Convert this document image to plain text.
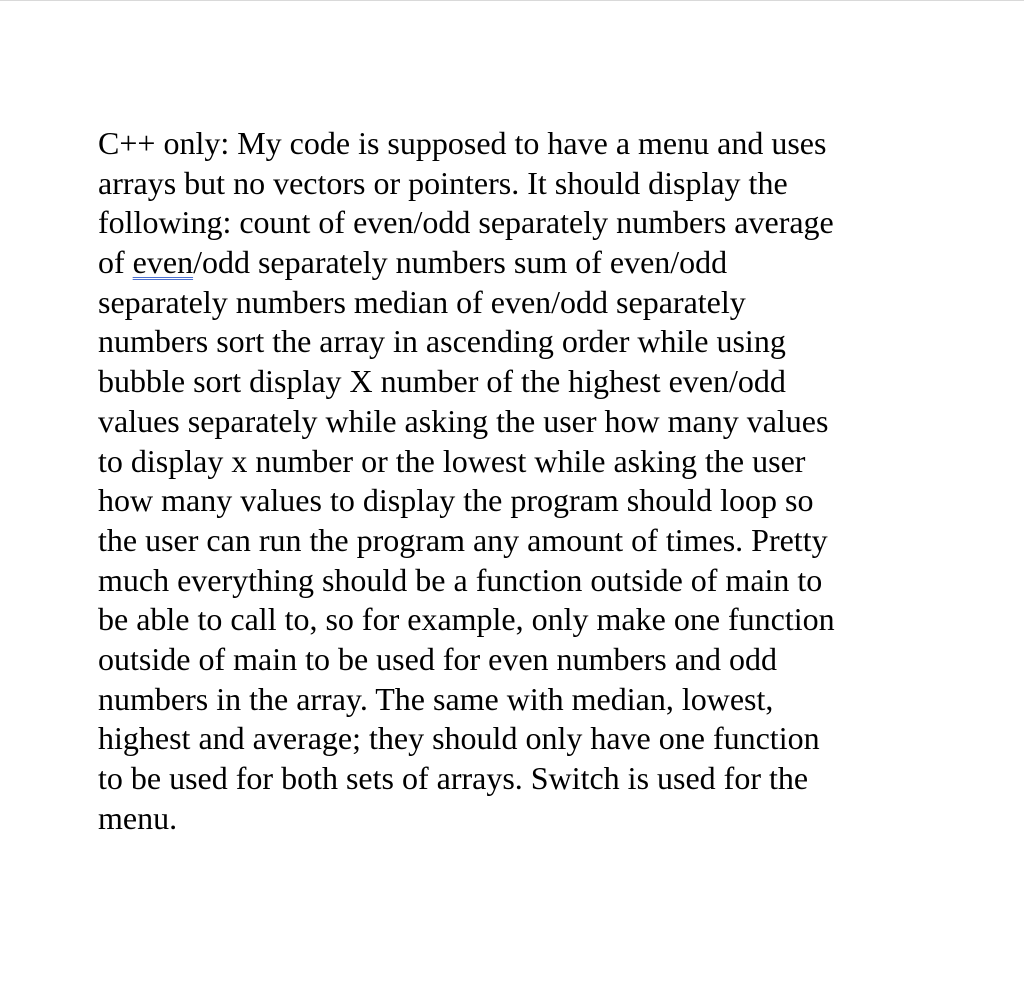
C++ only: My code is supposed to have a menu and uses
arrays but no vectors or pointers. It should display the
following: count of even/odd separately numbers average
of even/odd separately numbers sum of even/odd
separately numbers median of even/odd separately
numbers sort the array in ascending order while using
bubble sort display X number of the highest even/odd
values separately while asking the user how many values
to display x number or the lowest while asking the user
how many values to display the program should loop so
the user can run the program any amount of times. Pretty
much everything should be a function outside of main to
be able to call to, so for example, only make one function
outside of main to be used for even numbers and odd
numbers in the array. The same with median, lowest,
highest and average; they should only have one function
to be used for both sets of arrays. Switch is used for the
menu.
